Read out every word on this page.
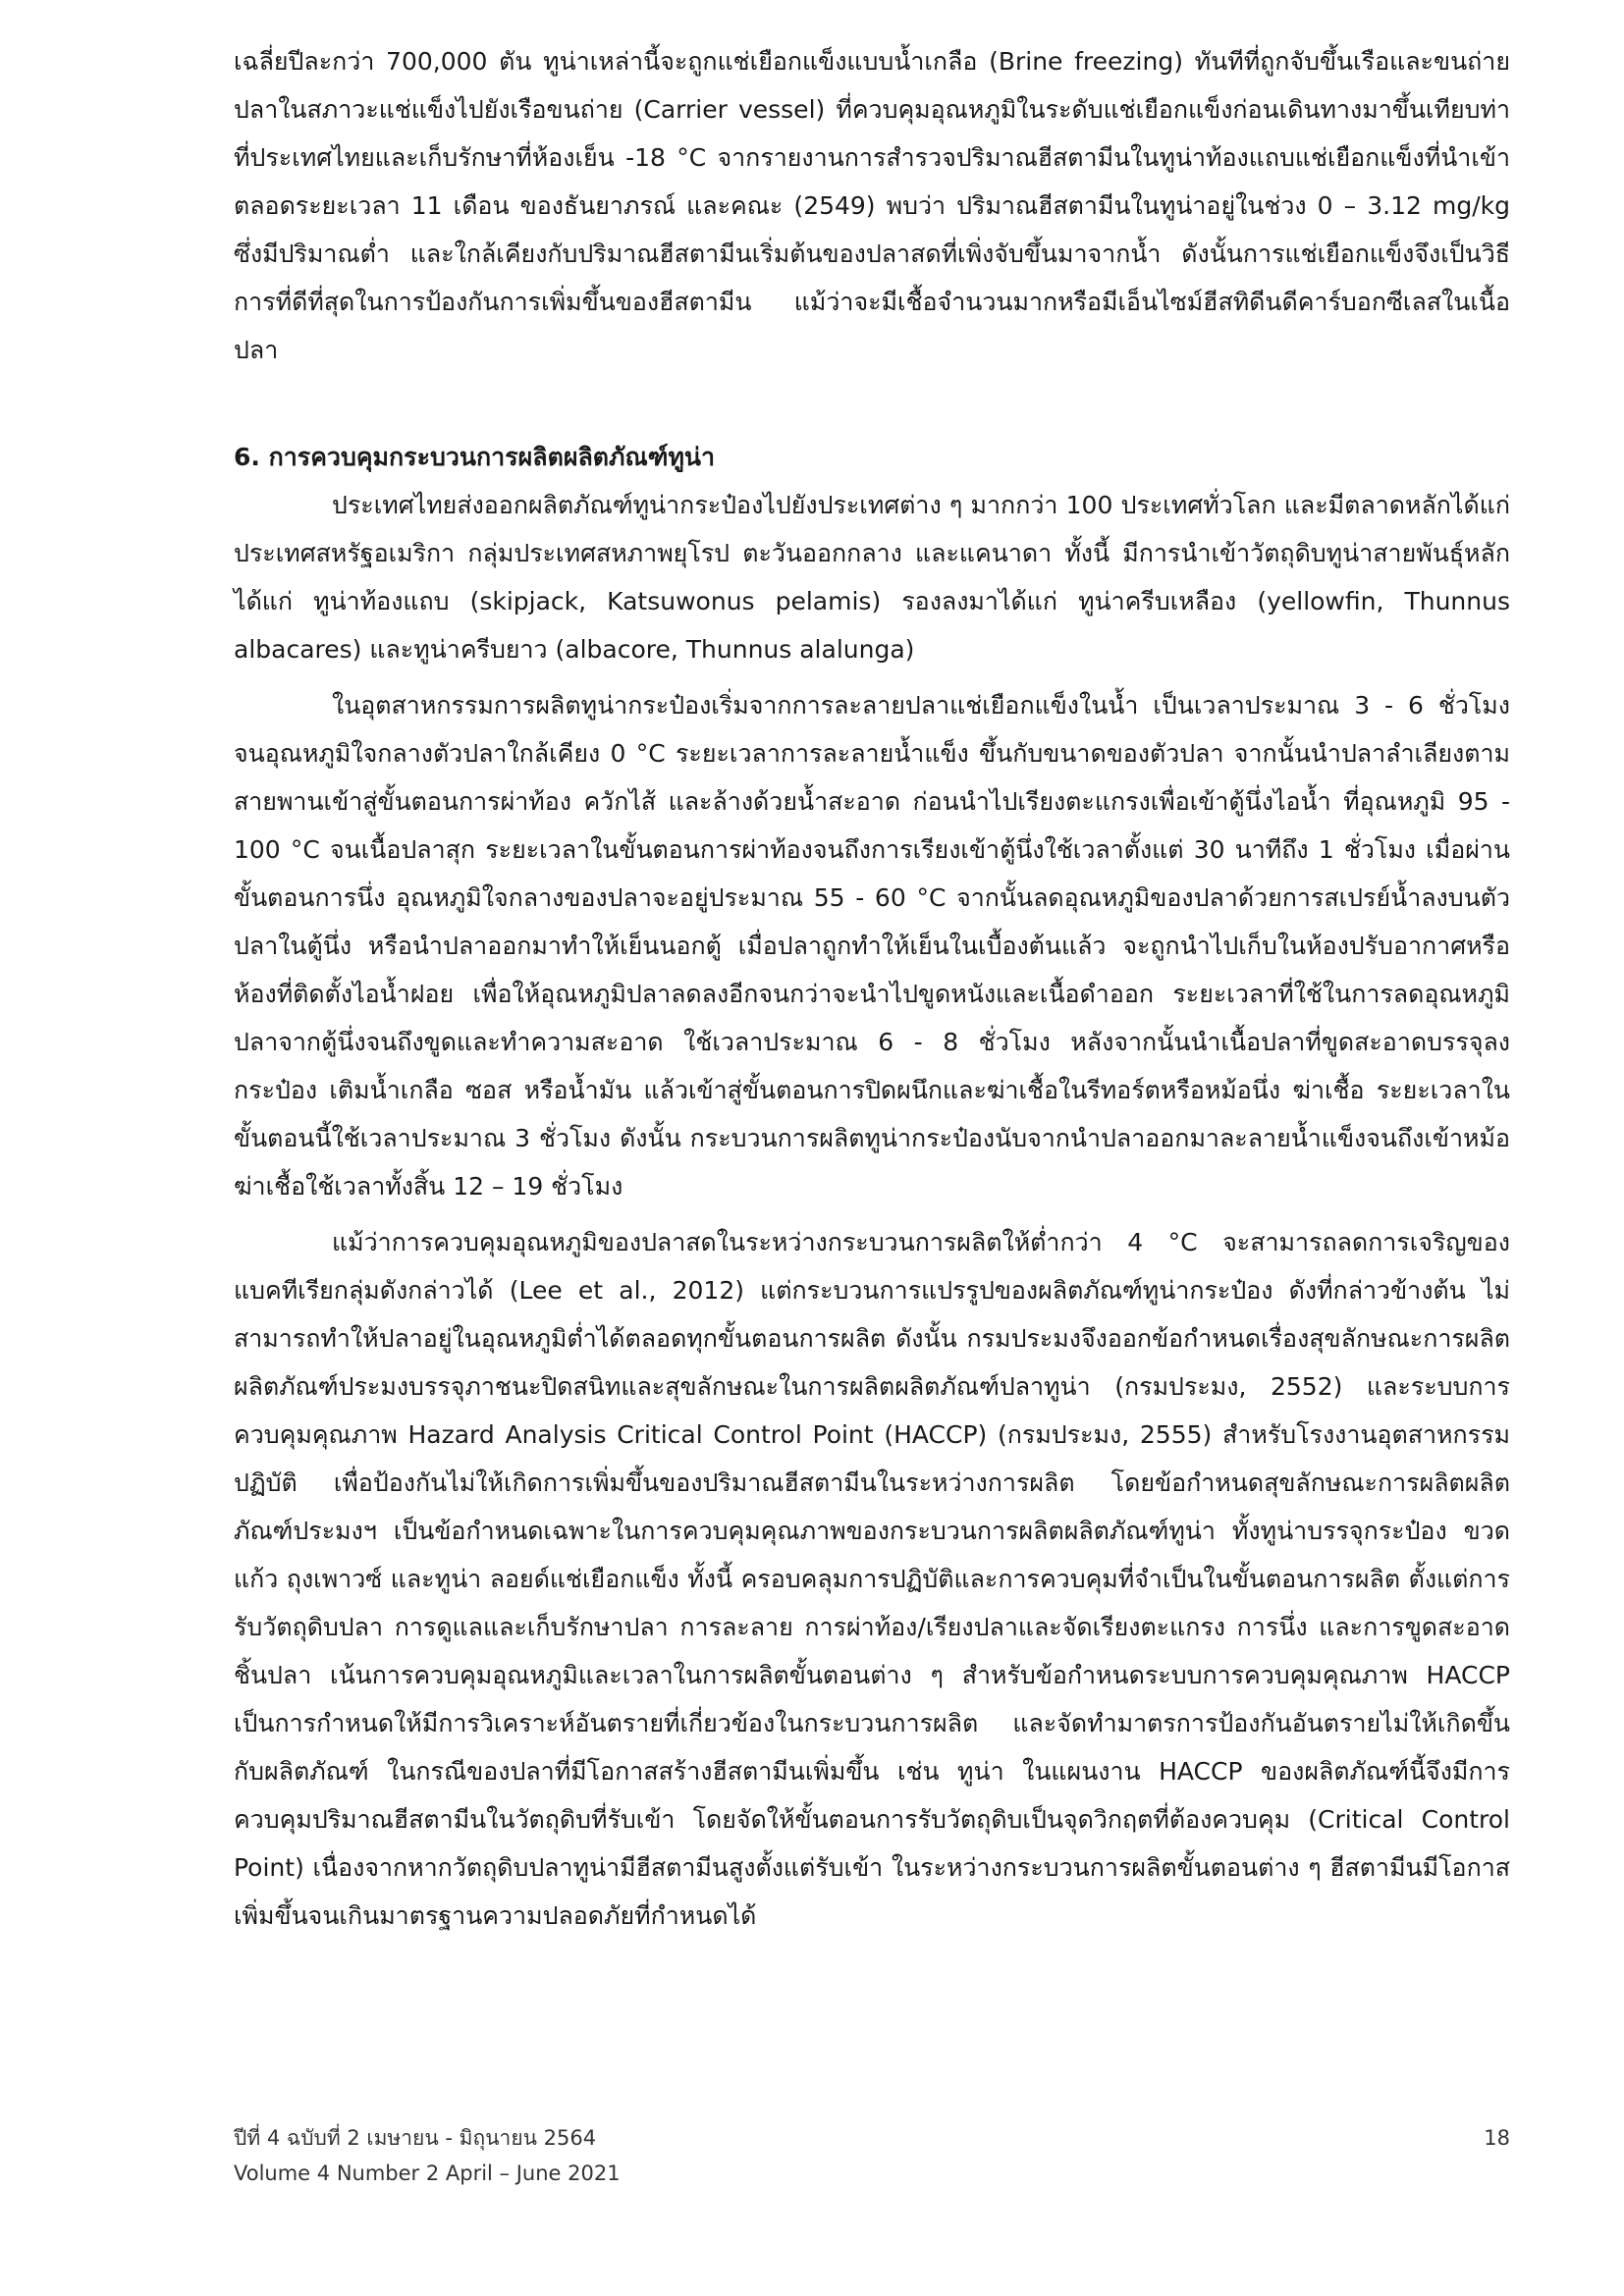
เฉลี่ยปีละกว่า 700,000 ตัน ทูน่าเหล่านี้จะถูกแช่เยือกแข็งแบบน้ำเกลือ (Brine freezing) ทันทีที่ถูกจับขึ้นเรือและขนถ่ายปลาในสภาวะแช่แข็งไปยังเรือขนถ่าย (Carrier vessel) ที่ควบคุมอุณหภูมิในระดับแช่เยือกแข็งก่อนเดินทางมาขึ้นเทียบท่าที่ประเทศไทยและเก็บรักษาที่ห้องเย็น -18 °C จากรายงานการสำรวจปริมาณฮีสตามีนในทูน่าท้องแถบแช่เยือกแข็งที่นำเข้าตลอดระยะเวลา 11 เดือน ของธันยาภรณ์ และคณะ (2549) พบว่า ปริมาณฮีสตามีนในทูน่าอยู่ในช่วง 0 – 3.12 mg/kg ซึ่งมีปริมาณต่ำ และใกล้เคียงกับปริมาณฮีสตามีนเริ่มต้นของปลาสดที่เพิ่งจับขึ้นมาจากน้ำ ดังนั้นการแช่เยือกแข็งจึงเป็นวิธีการที่ดีที่สุดในการป้องกันการเพิ่มขึ้นของฮีสตามีน แม้ว่าจะมีเชื้อจำนวนมากหรือมีเอ็นไซม์ฮีสทิดีนดีคาร์บอกซีเลสในเนื้อปลา

6. การควบคุมกระบวนการผลิตผลิตภัณฑ์ทูน่า

ประเทศไทยส่งออกผลิตภัณฑ์ทูน่ากระป๋องไปยังประเทศต่าง ๆ มากกว่า 100 ประเทศทั่วโลก และมีตลาดหลักได้แก่ ประเทศสหรัฐอเมริกา กลุ่มประเทศสหภาพยุโรป ตะวันออกกลาง และแคนาดา ทั้งนี้ มีการนำเข้าวัตถุดิบทูน่าสายพันธุ์หลัก ได้แก่ ทูน่าท้องแถบ (skipjack, Katsuwonus pelamis) รองลงมาได้แก่ ทูน่าครีบเหลือง (yellowfin, Thunnus albacares) และทูน่าครีบยาว (albacore, Thunnus alalunga)

ในอุตสาหกรรมการผลิตทูน่ากระป๋องเริ่มจากการละลายปลาแช่เยือกแข็งในน้ำ เป็นเวลาประมาณ 3 - 6 ชั่วโมง จนอุณหภูมิใจกลางตัวปลาใกล้เคียง 0 °C ระยะเวลาการละลายน้ำแข็ง ขึ้นกับขนาดของตัวปลา จากนั้นนำปลาลำเลียงตามสายพานเข้าสู่ขั้นตอนการผ่าท้อง ควักไส้ และล้างด้วยน้ำสะอาด ก่อนนำไปเรียงตะแกรงเพื่อเข้าตู้นึ่งไอน้ำ ที่อุณหภูมิ 95 - 100 °C จนเนื้อปลาสุก ระยะเวลาในขั้นตอนการผ่าท้องจนถึงการเรียงเข้าตู้นึ่งใช้เวลาตั้งแต่ 30 นาทีถึง 1 ชั่วโมง เมื่อผ่านขั้นตอนการนึ่ง อุณหภูมิใจกลางของปลาจะอยู่ประมาณ 55 - 60 °C จากนั้นลดอุณหภูมิของปลาด้วยการสเปรย์น้ำลงบนตัวปลาในตู้นึ่ง หรือนำปลาออกมาทำให้เย็นนอกตู้ เมื่อปลาถูกทำให้เย็นในเบื้องต้นแล้ว จะถูกนำไปเก็บในห้องปรับอากาศหรือห้องที่ติดตั้งไอน้ำฝอย เพื่อให้อุณหภูมิปลาลดลงอีกจนกว่าจะนำไปขูดหนังและเนื้อดำออก ระยะเวลาที่ใช้ในการลดอุณหภูมิปลาจากตู้นึ่งจนถึงขูดและทำความสะอาด ใช้เวลาประมาณ 6 - 8 ชั่วโมง หลังจากนั้นนำเนื้อปลาที่ขูดสะอาดบรรจุลงกระป๋อง เติมน้ำเกลือ ซอส หรือน้ำมัน แล้วเข้าสู่ขั้นตอนการปิดผนึกและฆ่าเชื้อในรีทอร์ตหรือหม้อนึ่ง ฆ่าเชื้อ ระยะเวลาในขั้นตอนนี้ใช้เวลาประมาณ 3 ชั่วโมง ดังนั้น กระบวนการผลิตทูน่ากระป๋องนับจากนำปลาออกมาละลายน้ำแข็งจนถึงเข้าหม้อฆ่าเชื้อใช้เวลาทั้งสิ้น 12 – 19 ชั่วโมง

แม้ว่าการควบคุมอุณหภูมิของปลาสดในระหว่างกระบวนการผลิตให้ต่ำกว่า 4 °C จะสามารถลดการเจริญของแบคทีเรียกลุ่มดังกล่าวได้ (Lee et al., 2012) แต่กระบวนการแปรรูปของผลิตภัณฑ์ทูน่ากระป๋อง ดังที่กล่าวข้างต้น ไม่สามารถทำให้ปลาอยู่ในอุณหภูมิต่ำได้ตลอดทุกขั้นตอนการผลิต ดังนั้น กรมประมงจึงออกข้อกำหนดเรื่องสุขลักษณะการผลิตผลิตภัณฑ์ประมงบรรจุภาชนะปิดสนิทและสุขลักษณะในการผลิตผลิตภัณฑ์ปลาทูน่า (กรมประมง, 2552) และระบบการควบคุมคุณภาพ Hazard Analysis Critical Control Point (HACCP) (กรมประมง, 2555) สำหรับโรงงานอุตสาหกรรมปฏิบัติ เพื่อป้องกันไม่ให้เกิดการเพิ่มขึ้นของปริมาณฮีสตามีนในระหว่างการผลิต โดยข้อกำหนดสุขลักษณะการผลิตผลิตภัณฑ์ประมงฯ เป็นข้อกำหนดเฉพาะในการควบคุมคุณภาพของกระบวนการผลิตผลิตภัณฑ์ทูน่า ทั้งทูน่าบรรจุกระป๋อง ขวดแก้ว ถุงเพาวซ์ และทูน่า ลอยด์แช่เยือกแข็ง ทั้งนี้ ครอบคลุมการปฏิบัติและการควบคุมที่จำเป็นในขั้นตอนการผลิต ตั้งแต่การรับวัตถุดิบปลา การดูแลและเก็บรักษาปลา การละลาย การผ่าท้อง/เรียงปลาและจัดเรียงตะแกรง การนึ่ง และการขูดสะอาดชิ้นปลา เน้นการควบคุมอุณหภูมิและเวลาในการผลิตขั้นตอนต่าง ๆ สำหรับข้อกำหนดระบบการควบคุมคุณภาพ HACCP เป็นการกำหนดให้มีการวิเคราะห์อันตรายที่เกี่ยวข้องในกระบวนการผลิต และจัดทำมาตรการป้องกันอันตรายไม่ให้เกิดขึ้นกับผลิตภัณฑ์ ในกรณีของปลาที่มีโอกาสสร้างฮีสตามีนเพิ่มขึ้น เช่น ทูน่า ในแผนงาน HACCP ของผลิตภัณฑ์นี้จึงมีการควบคุมปริมาณฮีสตามีนในวัตถุดิบที่รับเข้า โดยจัดให้ขั้นตอนการรับวัตถุดิบเป็นจุดวิกฤตที่ต้องควบคุม (Critical Control Point) เนื่องจากหากวัตถุดิบปลาทูน่ามีฮีสตามีนสูงตั้งแต่รับเข้า ในระหว่างกระบวนการผลิตขั้นตอนต่าง ๆ ฮีสตามีนมีโอกาสเพิ่มขึ้นจนเกินมาตรฐานความปลอดภัยที่กำหนดได้

ปีที่ 4 ฉบับที่ 2 เมษายน - มิถุนายน 2564
Volume 4 Number 2 April – June 2021
18
